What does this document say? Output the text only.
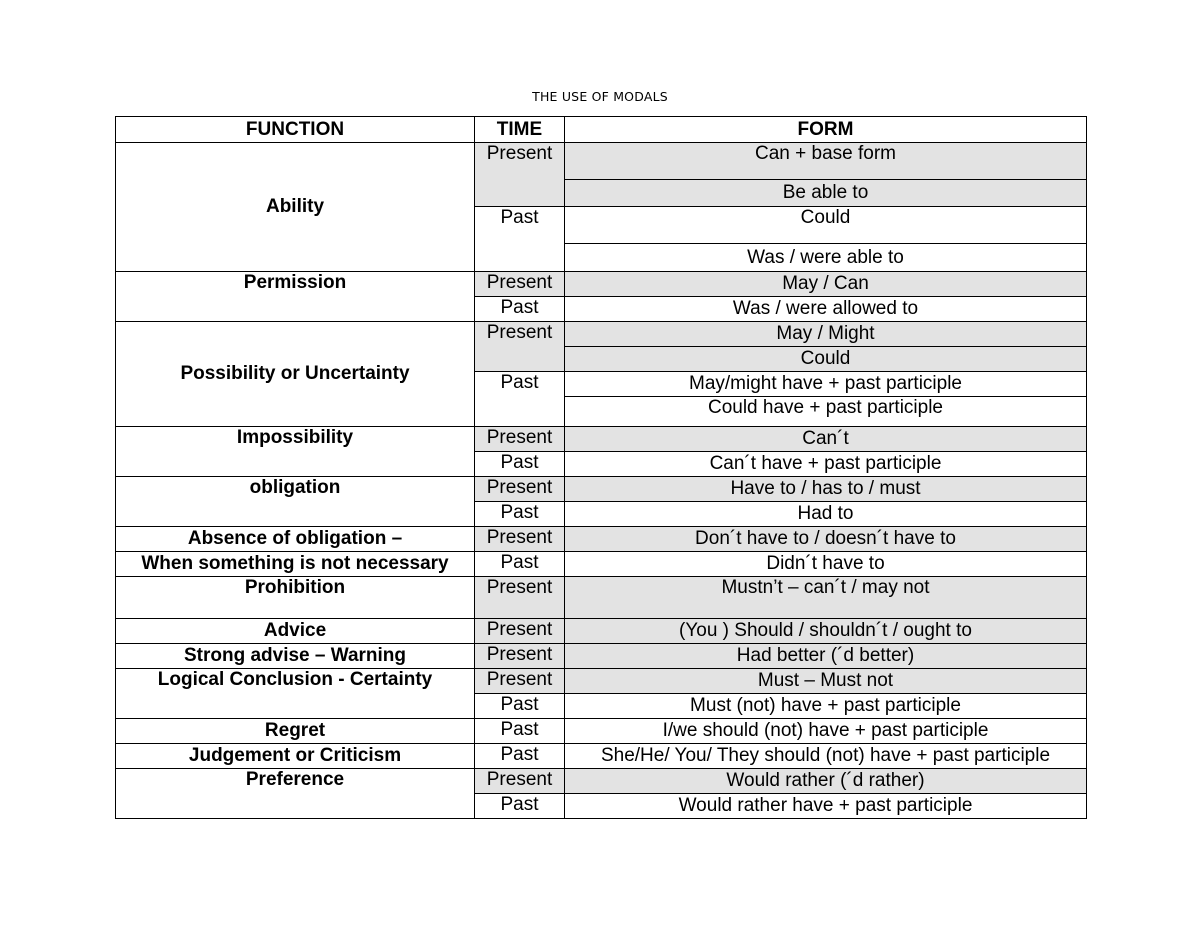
THE USE OF MODALS
FUNCTION	TIME	FORM
Ability	Present	Can + base form
		Be able to
	Past	Could
		Was / were able to
Permission	Present	May / Can
	Past	Was / were allowed to
Possibility or Uncertainty	Present	May / Might
		Could
	Past	May/might have + past participle
		Could have + past participle
Impossibility	Present	Can´t
	Past	Can´t have + past participle
obligation	Present	Have to / has to / must
	Past	Had to
Absence of obligation –	Present	Don´t have to / doesn´t have to
When something is not necessary	Past	Didn´t have to
Prohibition	Present	Mustn’t – can´t / may not
Advice	Present	(You ) Should / shouldn´t / ought to
Strong advise – Warning	Present	Had better (´d better)
Logical Conclusion - Certainty	Present	Must – Must not
	Past	Must (not) have + past participle
Regret	Past	I/we should (not) have + past participle
Judgement or Criticism	Past	She/He/ You/ They should (not) have + past participle
Preference	Present	Would rather (´d rather)
	Past	Would rather have + past participle
